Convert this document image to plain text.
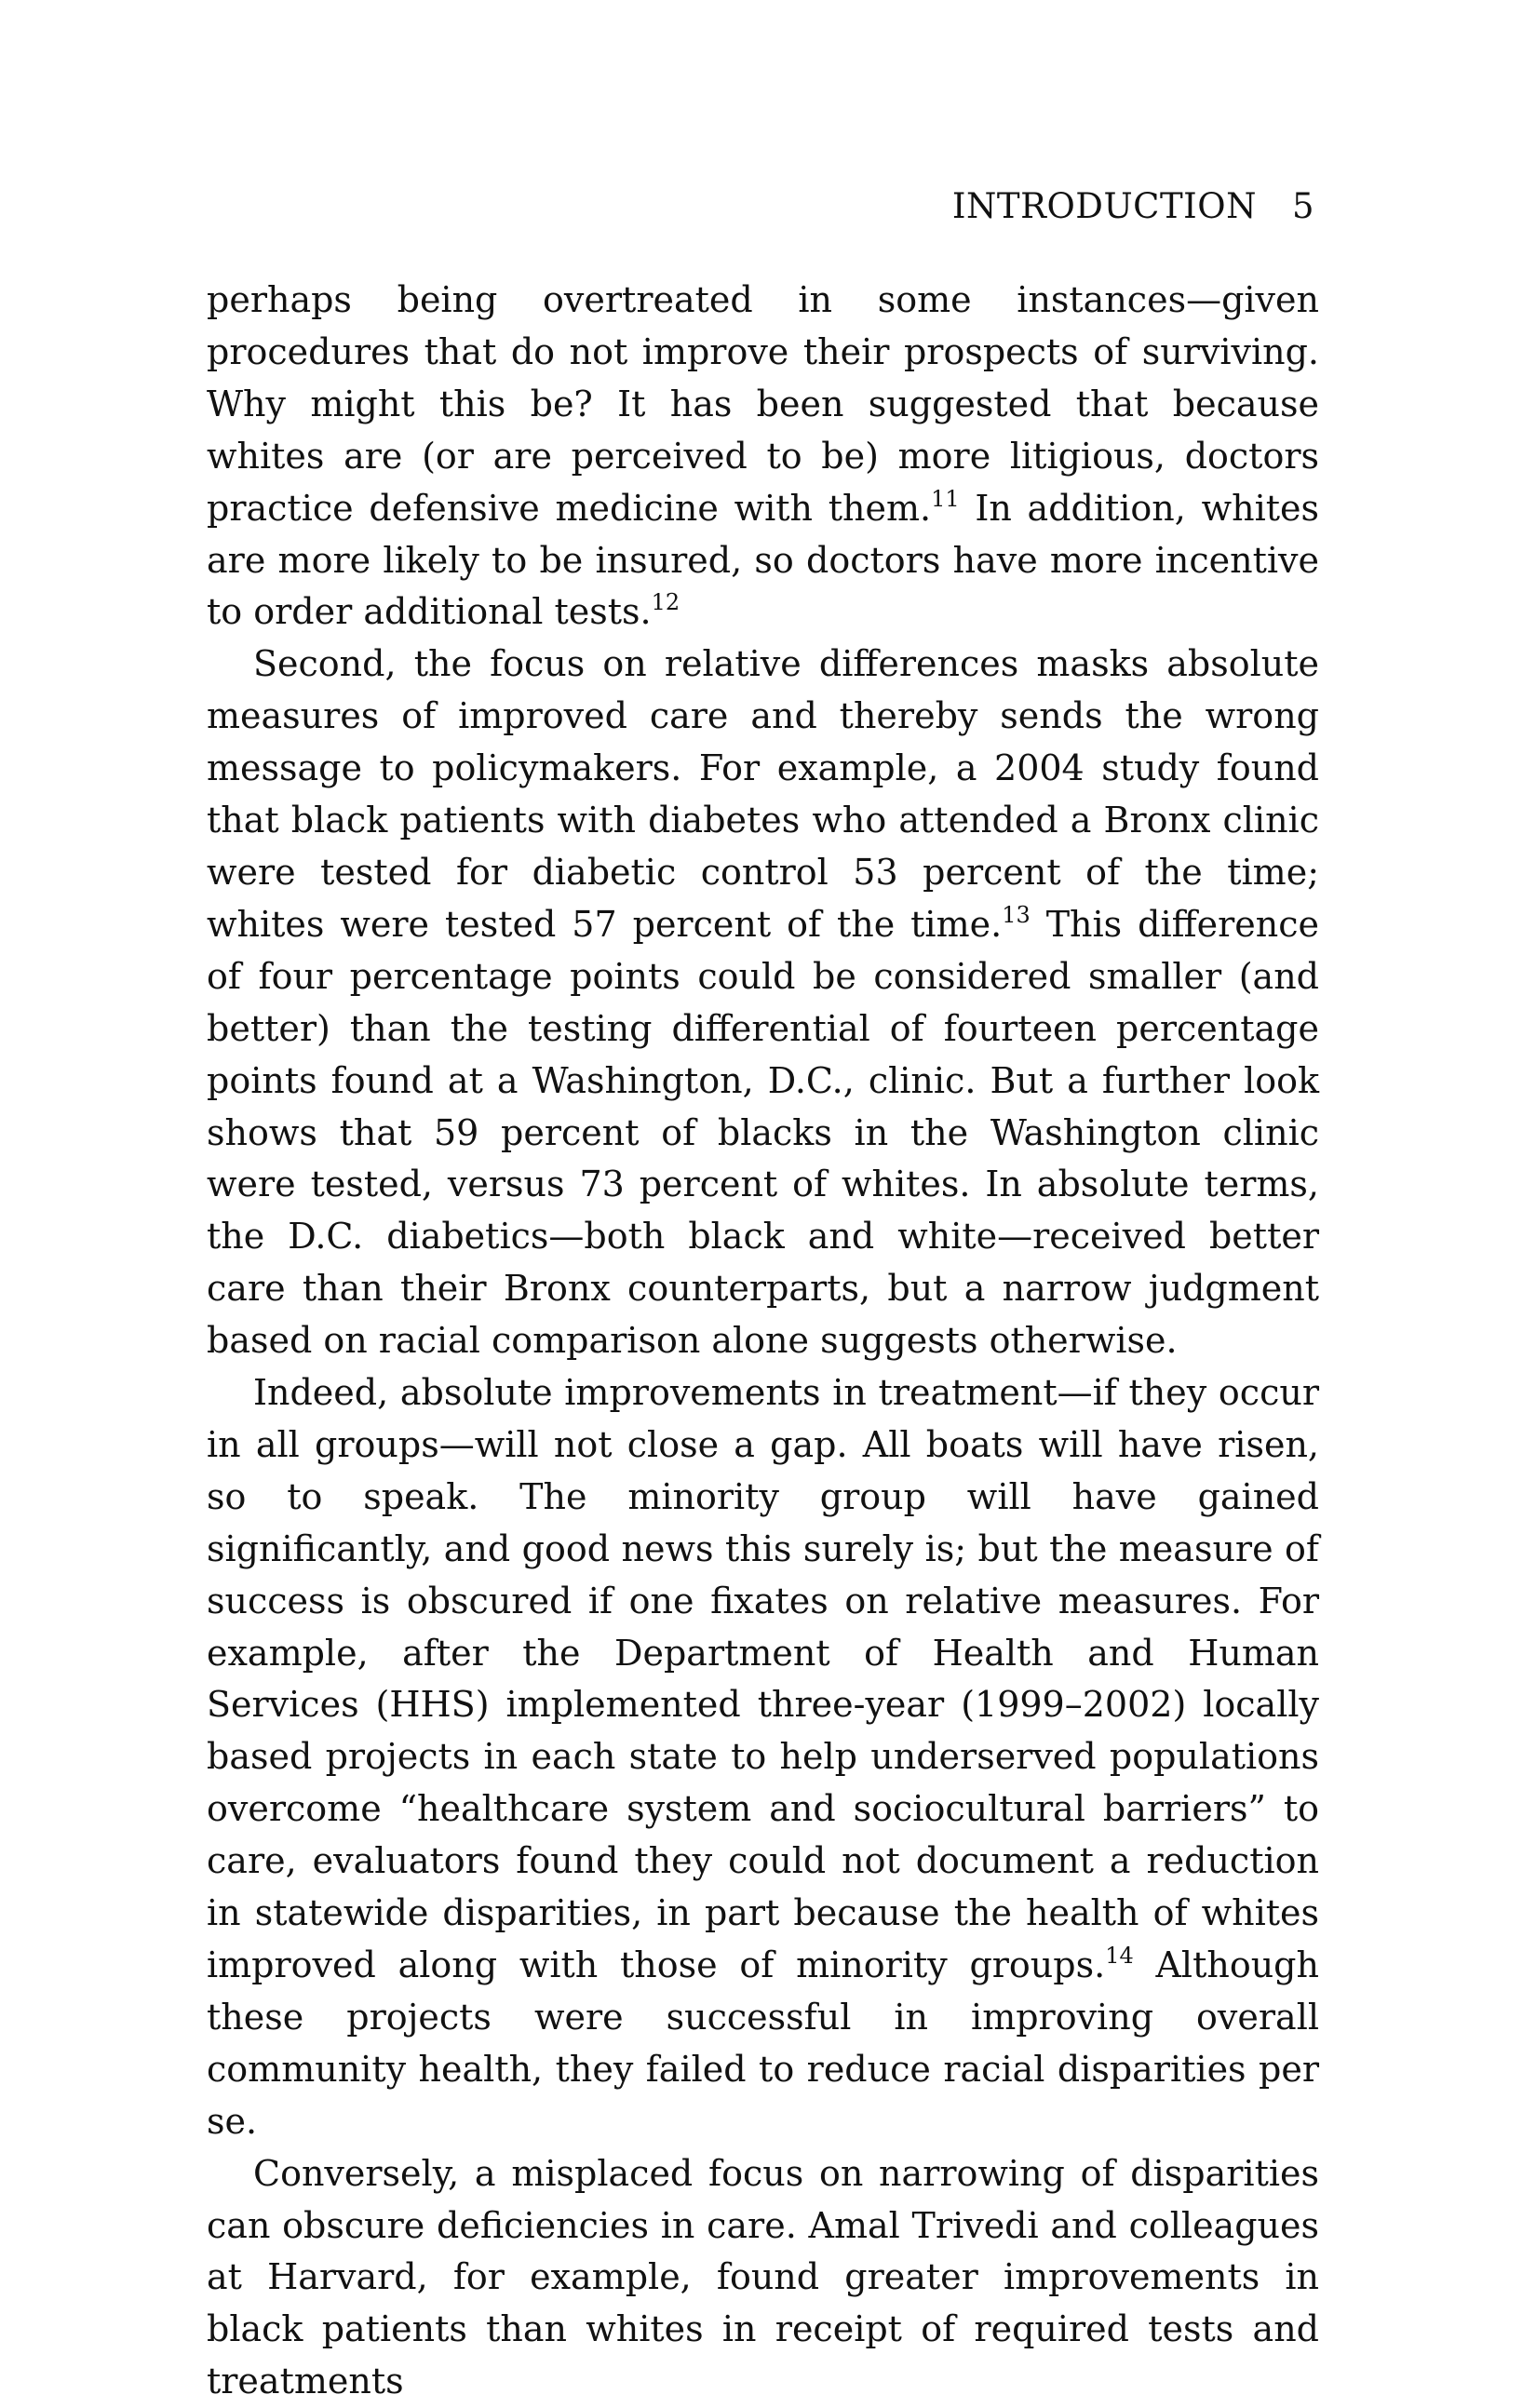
INTRODUCTION 5

perhaps being overtreated in some instances—given procedures that do not improve their prospects of surviving. Why might this be? It has been suggested that because whites are (or are perceived to be) more litigious, doctors practice defensive medicine with them.$^{11}$ In addition, whites are more likely to be insured, so doctors have more incentive to order additional tests.$^{12}$

Second, the focus on relative differences masks absolute measures of improved care and thereby sends the wrong message to policymakers. For example, a 2004 study found that black patients with diabetes who attended a Bronx clinic were tested for diabetic control 53 percent of the time; whites were tested 57 percent of the time.$^{13}$ This difference of four percentage points could be considered smaller (and better) than the testing differential of fourteen percentage points found at a Washington, D.C., clinic. But a further look shows that 59 percent of blacks in the Washington clinic were tested, versus 73 percent of whites. In absolute terms, the D.C. diabetics—both black and white—received better care than their Bronx counterparts, but a narrow judgment based on racial comparison alone suggests otherwise.

Indeed, absolute improvements in treatment—if they occur in all groups—will not close a gap. All boats will have risen, so to speak. The minority group will have gained significantly, and good news this surely is; but the measure of success is obscured if one fixates on relative measures. For example, after the Department of Health and Human Services (HHS) implemented three-year (1999–2002) locally based projects in each state to help underserved populations overcome “healthcare system and sociocultural barriers” to care, evaluators found they could not document a reduction in statewide disparities, in part because the health of whites improved along with those of minority groups.$^{14}$ Although these projects were successful in improving overall community health, they failed to reduce racial disparities per se.

Conversely, a misplaced focus on narrowing of disparities can obscure deficiencies in care. Amal Trivedi and colleagues at Harvard, for example, found greater improvements in black patients than whites in receipt of required tests and treatments
